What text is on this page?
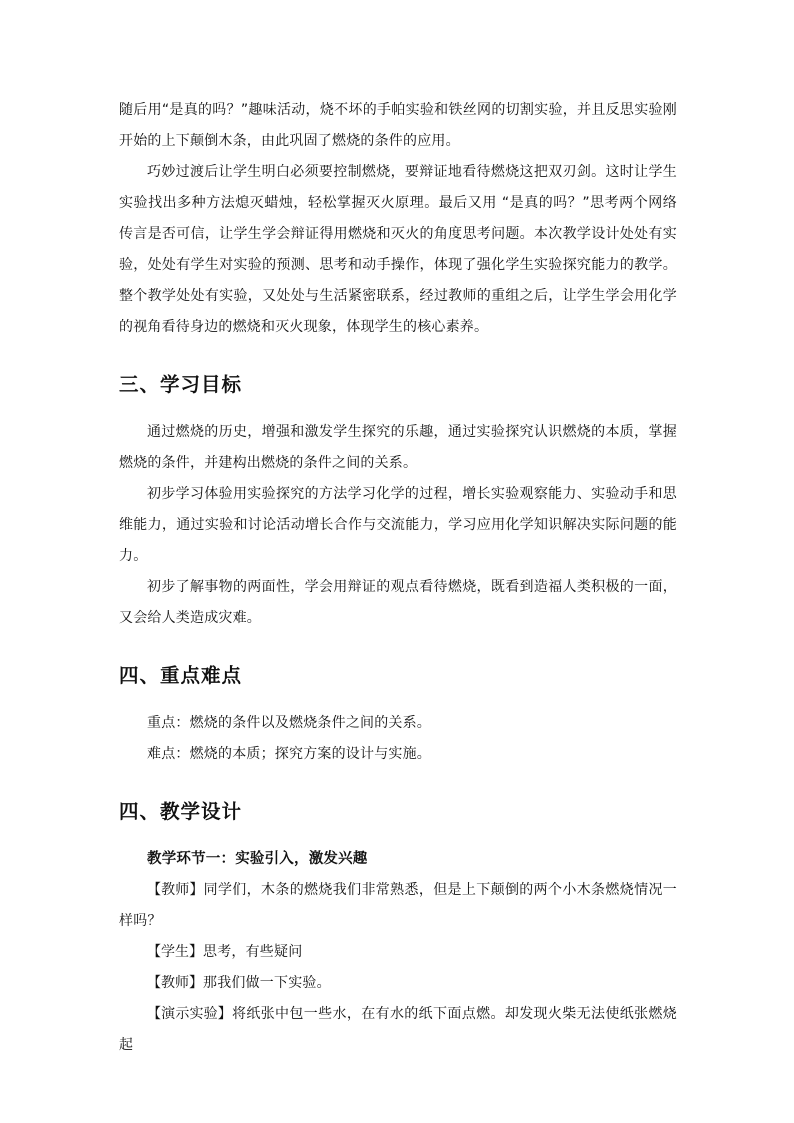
随后用“是真的吗？”趣味活动，烧不坏的手帕实验和铁丝网的切割实验，并且反思实验刚开始的上下颠倒木条，由此巩固了燃烧的条件的应用。

巧妙过渡后让学生明白必须要控制燃烧，要辩证地看待燃烧这把双刃剑。这时让学生实验找出多种方法熄灭蜡烛，轻松掌握灭火原理。最后又用 “是真的吗？”思考两个网络传言是否可信，让学生学会辩证得用燃烧和灭火的角度思考问题。本次教学设计处处有实验，处处有学生对实验的预测、思考和动手操作，体现了强化学生实验探究能力的教学。整个教学处处有实验，又处处与生活紧密联系，经过教师的重组之后，让学生学会用化学的视角看待身边的燃烧和灭火现象，体现学生的核心素养。

三、学习目标

通过燃烧的历史，增强和激发学生探究的乐趣，通过实验探究认识燃烧的本质，掌握燃烧的条件，并建构出燃烧的条件之间的关系。

初步学习体验用实验探究的方法学习化学的过程，增长实验观察能力、实验动手和思维能力，通过实验和讨论活动增长合作与交流能力，学习应用化学知识解决实际问题的能力。

初步了解事物的两面性，学会用辩证的观点看待燃烧，既看到造福人类积极的一面，又会给人类造成灾难。

四、重点难点

重点：燃烧的条件以及燃烧条件之间的关系。

难点：燃烧的本质；探究方案的设计与实施。

四、教学设计

教学环节一：实验引入，激发兴趣

【教师】同学们，木条的燃烧我们非常熟悉，但是上下颠倒的两个小木条燃烧情况一样吗？

【学生】思考，有些疑问

【教师】那我们做一下实验。

【演示实验】将纸张中包一些水，在有水的纸下面点燃。却发现火柴无法使纸张燃烧起
